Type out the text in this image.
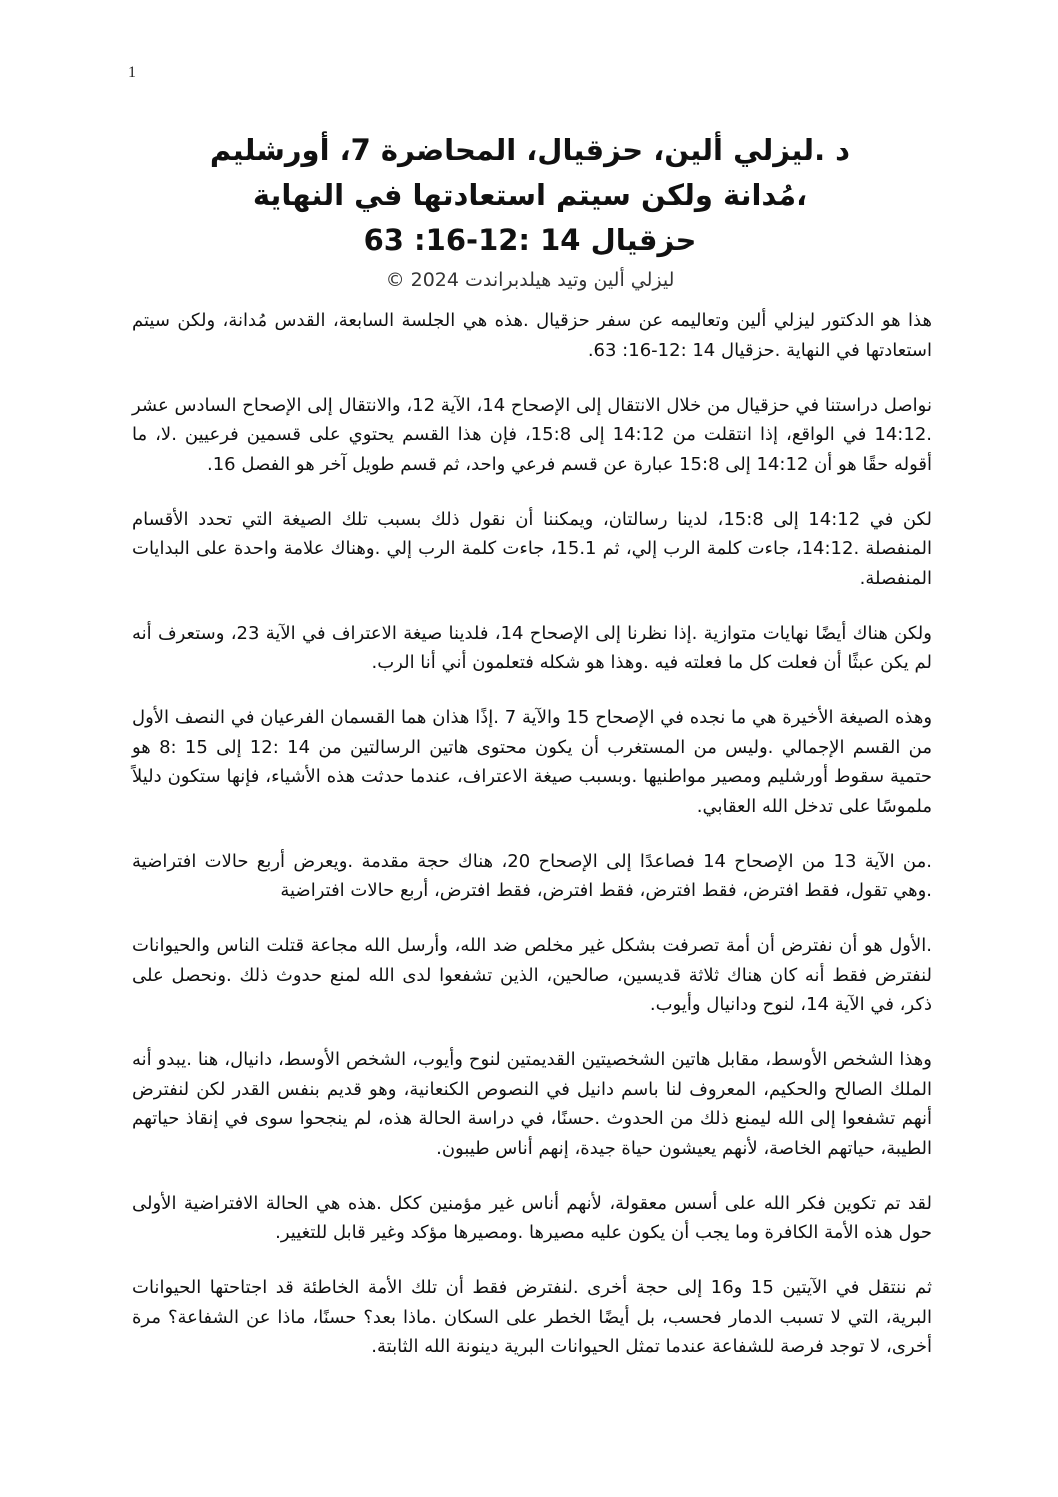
1
د .ليزلي ألين، حزقيال، المحاضرة 7، أورشليم
،مُدانة ولكن سيتم استعادتها في النهاية
حزقيال 14 :12-16: 63
ليزلي ألين وتيد هيلدبراندت 2024 ©

هذا هو الدكتور ليزلي ألين وتعاليمه عن سفر حزقيال .هذه هي الجلسة السابعة، القدس مُدانة، ولكن سيتم استعادتها في النهاية .حزقيال 14 :12-16: 63.

نواصل دراستنا في حزقيال من خلال الانتقال إلى الإصحاح 14، الآية 12، والانتقال إلى الإصحاح السادس عشر .14:12 في الواقع، إذا انتقلت من 14:12 إلى 15:8، فإن هذا القسم يحتوي على قسمين فرعيين .لا، ما أقوله حقًا هو أن 14:12 إلى 15:8 عبارة عن قسم فرعي واحد، ثم قسم طويل آخر هو الفصل 16.

لكن في 14:12 إلى 15:8، لدينا رسالتان، ويمكننا أن نقول ذلك بسبب تلك الصيغة التي تحدد الأقسام المنفصلة .14:12، جاءت كلمة الرب إلي، ثم 15.1، جاءت كلمة الرب إلي .وهناك علامة واحدة على البدايات المنفصلة.

ولكن هناك أيضًا نهايات متوازية .إذا نظرنا إلى الإصحاح 14، فلدينا صيغة الاعتراف في الآية 23، وستعرف أنه لم يكن عبثًا أن فعلت كل ما فعلته فيه .وهذا هو شكله فتعلمون أني أنا الرب.

وهذه الصيغة الأخيرة هي ما نجده في الإصحاح 15 والآية 7 .إذًا هذان هما القسمان الفرعيان في النصف الأول من القسم الإجمالي .وليس من المستغرب أن يكون محتوى هاتين الرسالتين من 14 :12 إلى 15 :8 هو حتمية سقوط أورشليم ومصير مواطنيها .وبسبب صيغة الاعتراف، عندما حدثت هذه الأشياء، فإنها ستكون دليلاً ملموسًا على تدخل الله العقابي.

.من الآية 13 من الإصحاح 14 فصاعدًا إلى الإصحاح 20، هناك حجة مقدمة .ويعرض أربع حالات افتراضية .وهي تقول، فقط افترض، فقط افترض، فقط افترض، فقط افترض، أربع حالات افتراضية

.الأول هو أن نفترض أن أمة تصرفت بشكل غير مخلص ضد الله، وأرسل الله مجاعة قتلت الناس والحيوانات لنفترض فقط أنه كان هناك ثلاثة قديسين، صالحين، الذين تشفعوا لدى الله لمنع حدوث ذلك .ونحصل على ذكر، في الآية 14، لنوح ودانيال وأيوب.

وهذا الشخص الأوسط، مقابل هاتين الشخصيتين القديمتين لنوح وأيوب، الشخص الأوسط، دانيال، هنا .يبدو أنه الملك الصالح والحكيم، المعروف لنا باسم دانيل في النصوص الكنعانية، وهو قديم بنفس القدر لكن لنفترض أنهم تشفعوا إلى الله ليمنع ذلك من الحدوث .حسنًا، في دراسة الحالة هذه، لم ينجحوا سوى في إنقاذ حياتهم الطيبة، حياتهم الخاصة، لأنهم يعيشون حياة جيدة، إنهم أناس طيبون.

لقد تم تكوين فكر الله على أسس معقولة، لأنهم أناس غير مؤمنين ككل .هذه هي الحالة الافتراضية الأولى حول هذه الأمة الكافرة وما يجب أن يكون عليه مصيرها .ومصيرها مؤكد وغير قابل للتغيير.

ثم ننتقل في الآيتين 15 و16 إلى حجة أخرى .لنفترض فقط أن تلك الأمة الخاطئة قد اجتاحتها الحيوانات البرية، التي لا تسبب الدمار فحسب، بل أيضًا الخطر على السكان .ماذا بعد؟ حسنًا، ماذا عن الشفاعة؟ مرة أخرى، لا توجد فرصة للشفاعة عندما تمثل الحيوانات البرية دينونة الله الثابتة.
